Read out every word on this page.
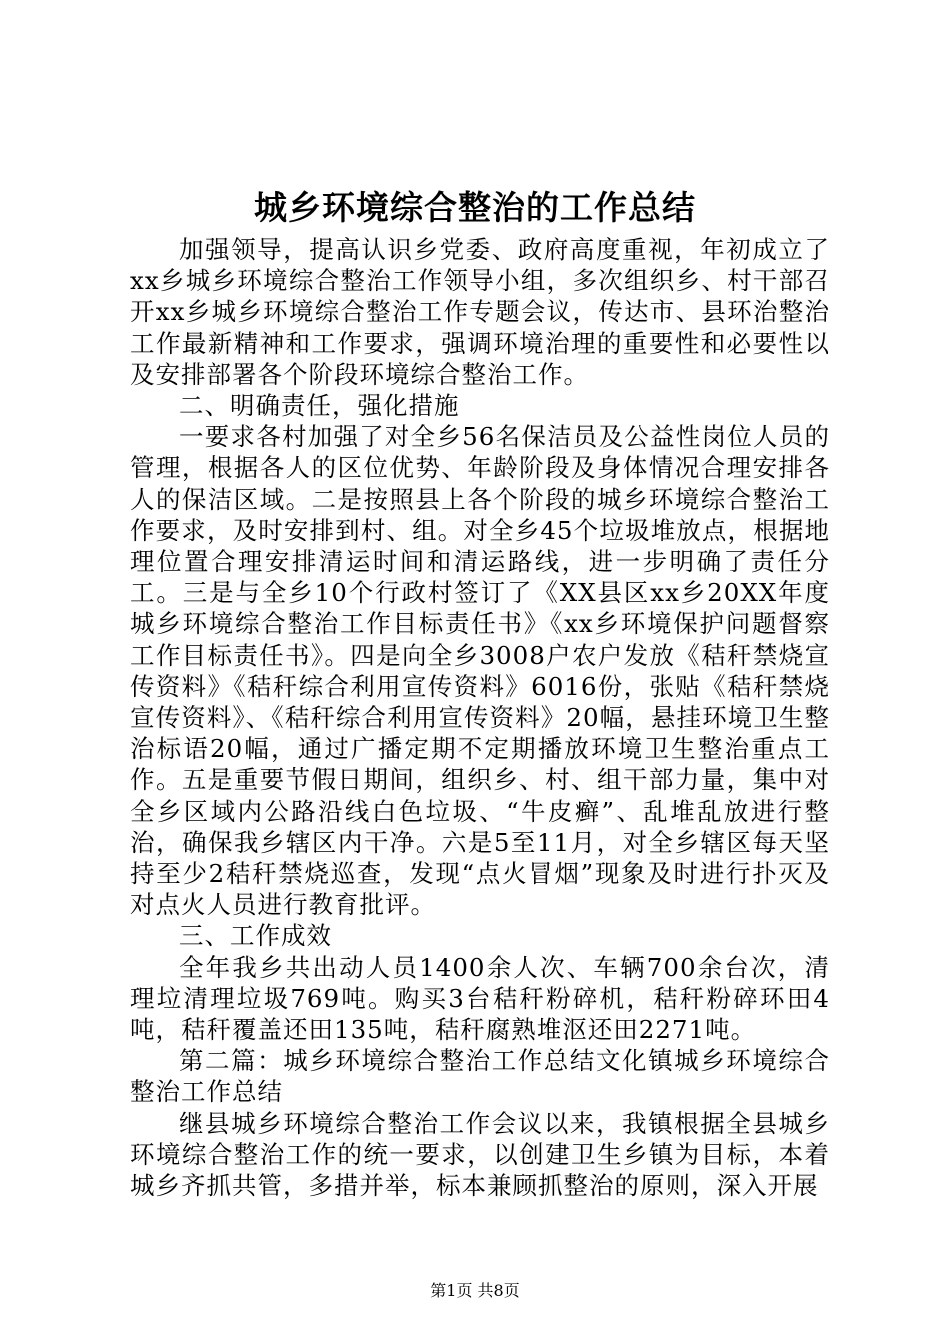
城乡环境综合整治的工作总结

加强领导，提高认识乡党委、政府高度重视，年初成立了xx乡城乡环境综合整治工作领导小组，多次组织乡、村干部召开xx乡城乡环境综合整治工作专题会议，传达市、县环治整治工作最新精神和工作要求，强调环境治理的重要性和必要性以及安排部署各个阶段环境综合整治工作。

二、明确责任，强化措施

一要求各村加强了对全乡56名保洁员及公益性岗位人员的管理，根据各人的区位优势、年龄阶段及身体情况合理安排各人的保洁区域。二是按照县上各个阶段的城乡环境综合整治工作要求，及时安排到村、组。对全乡45个垃圾堆放点，根据地理位置合理安排清运时间和清运路线，进一步明确了责任分工。三是与全乡10个行政村签订了《XX县区xx乡20XX年度城乡环境综合整治工作目标责任书》《xx乡环境保护问题督察工作目标责任书》。四是向全乡3008户农户发放《秸秆禁烧宣传资料》《秸秆综合利用宣传资料》6016份，张贴《秸秆禁烧宣传资料》、《秸秆综合利用宣传资料》20幅，悬挂环境卫生整治标语20幅，通过广播定期不定期播放环境卫生整治重点工作。五是重要节假日期间，组织乡、村、组干部力量，集中对全乡区域内公路沿线白色垃圾、“牛皮癣”、乱堆乱放进行整治，确保我乡辖区内干净。六是5至11月，对全乡辖区每天坚持至少2秸秆禁烧巡查，发现“点火冒烟”现象及时进行扑灭及对点火人员进行教育批评。

三、工作成效

全年我乡共出动人员1400余人次、车辆700余台次，清理垃清理垃圾769吨。购买3台秸秆粉碎机，秸秆粉碎环田4吨，秸秆覆盖还田135吨，秸秆腐熟堆沤还田2271吨。

第二篇：城乡环境综合整治工作总结文化镇城乡环境综合整治工作总结

继县城乡环境综合整治工作会议以来，我镇根据全县城乡环境综合整治工作的统一要求，以创建卫生乡镇为目标，本着城乡齐抓共管，多措并举，标本兼顾抓整治的原则，深入开展

第1页 共8页
